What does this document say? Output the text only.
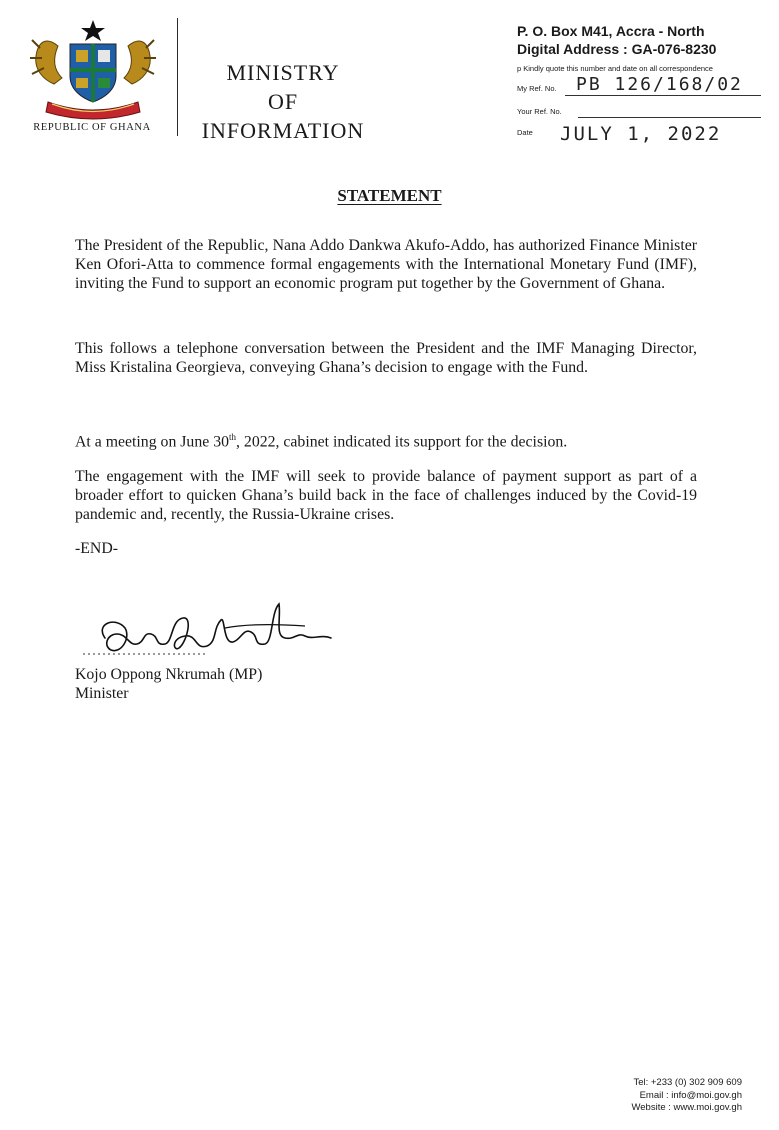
REPUBLIC OF GHANA
MINISTRY
OF
INFORMATION
P. O. Box M41, Accra - North
Digital Address : GA-076-8230
p Kindly quote this number and date on all correspondence
My Ref. No. PB 126/168/02
Your Ref. No.
Date JULY 1, 2022
STATEMENT
The President of the Republic, Nana Addo Dankwa Akufo-Addo, has authorized Finance Minister Ken Ofori-Atta to commence formal engagements with the International Monetary Fund (IMF), inviting the Fund to support an economic program put together by the Government of Ghana.
This follows a telephone conversation between the President and the IMF Managing Director, Miss Kristalina Georgieva, conveying Ghana’s decision to engage with the Fund.
At a meeting on June 30th, 2022, cabinet indicated its support for the decision.
The engagement with the IMF will seek to provide balance of payment support as part of a broader effort to quicken Ghana’s build back in the face of challenges induced by the Covid-19 pandemic and, recently, the Russia-Ukraine crises.
-END-
Kojo Oppong Nkrumah (MP)
Minister
Tel: +233 (0) 302 909 609
Email : info@moi.gov.gh
Website : www.moi.gov.gh
